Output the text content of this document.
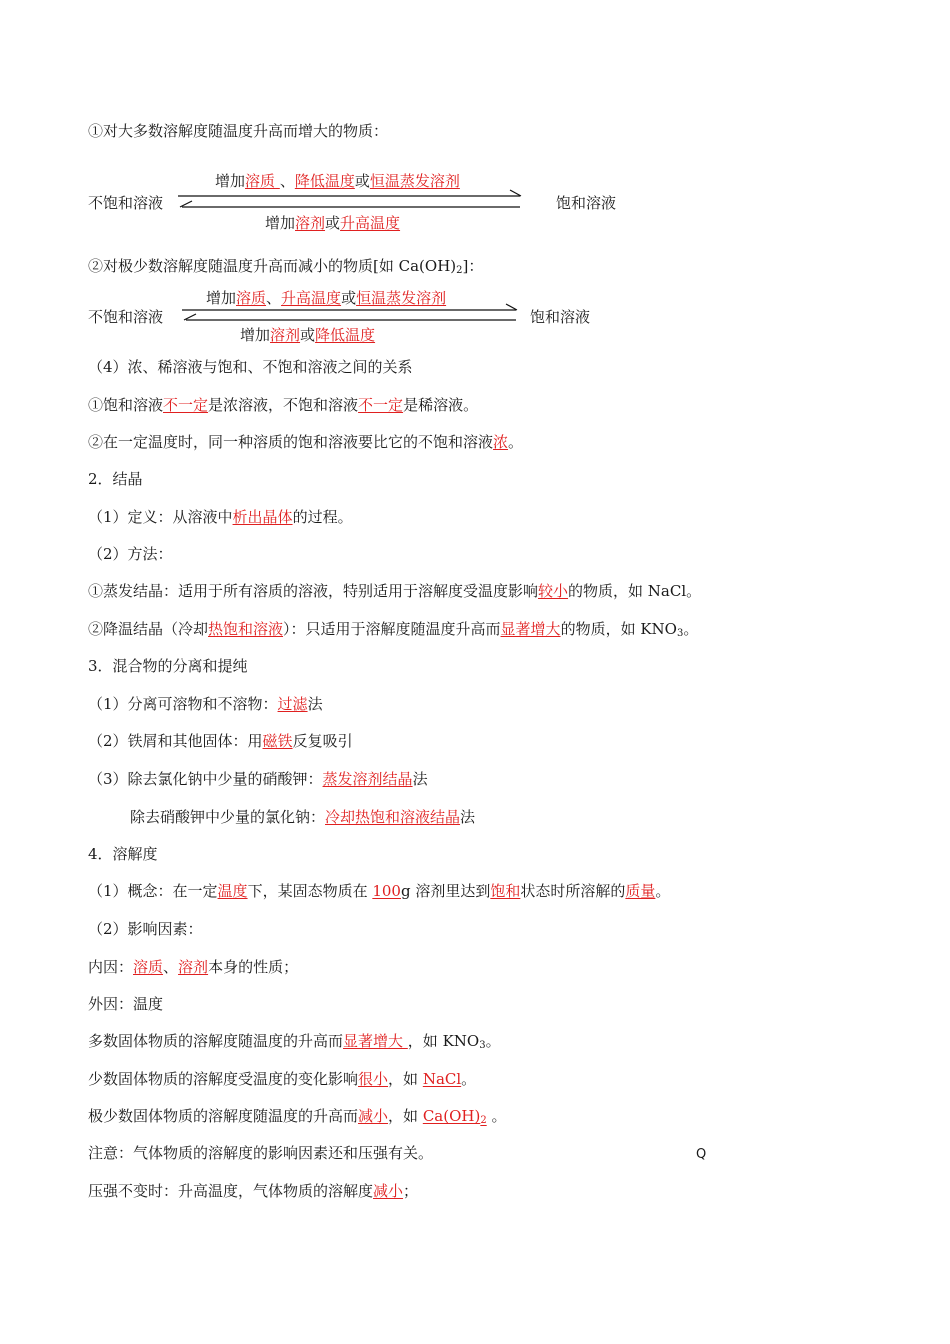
①对大多数溶解度随温度升高而增大的物质：
增加溶质 、降低温度或恒温蒸发溶剂
不饱和溶液	饱和溶液
增加溶剂或升高温度
②对极少数溶解度随温度升高而减小的物质[如 $Ca(OH)_2$]：
增加溶质、升高温度或恒温蒸发溶剂
不饱和溶液	饱和溶液
增加溶剂或降低温度
（4）浓、稀溶液与饱和、不饱和溶液之间的关系
①饱和溶液不一定是浓溶液，不饱和溶液不一定是稀溶液。
②在一定温度时，同一种溶质的饱和溶液要比它的不饱和溶液浓。
2．结晶
（1）定义：从溶液中析出晶体的过程。
（2）方法：
①蒸发结晶：适用于所有溶质的溶液，特别适用于溶解度受温度影响较小的物质，如 NaCl。
②降温结晶（冷却热饱和溶液）：只适用于溶解度随温度升高而显著增大的物质，如 $KNO_3$。
3．混合物的分离和提纯
（1）分离可溶物和不溶物：过滤法
（2）铁屑和其他固体：用磁铁反复吸引
（3）除去氯化钠中少量的硝酸钾：蒸发溶剂结晶法
除去硝酸钾中少量的氯化钠：冷却热饱和溶液结晶法
4．溶解度
（1）概念：在一定温度下，某固态物质在 100g 溶剂里达到饱和状态时所溶解的质量。
（2）影响因素：
内因：溶质、溶剂本身的性质；
外因：温度
多数固体物质的溶解度随温度的升高而显著增大 ，如 $KNO_3$。
少数固体物质的溶解度受温度的变化影响很小，如 NaCl。
极少数固体物质的溶解度随温度的升高而减小，如 $Ca(OH)_2$ 。
注意：气体物质的溶解度的影响因素还和压强有关。	Q
压强不变时：升高温度，气体物质的溶解度减小；
